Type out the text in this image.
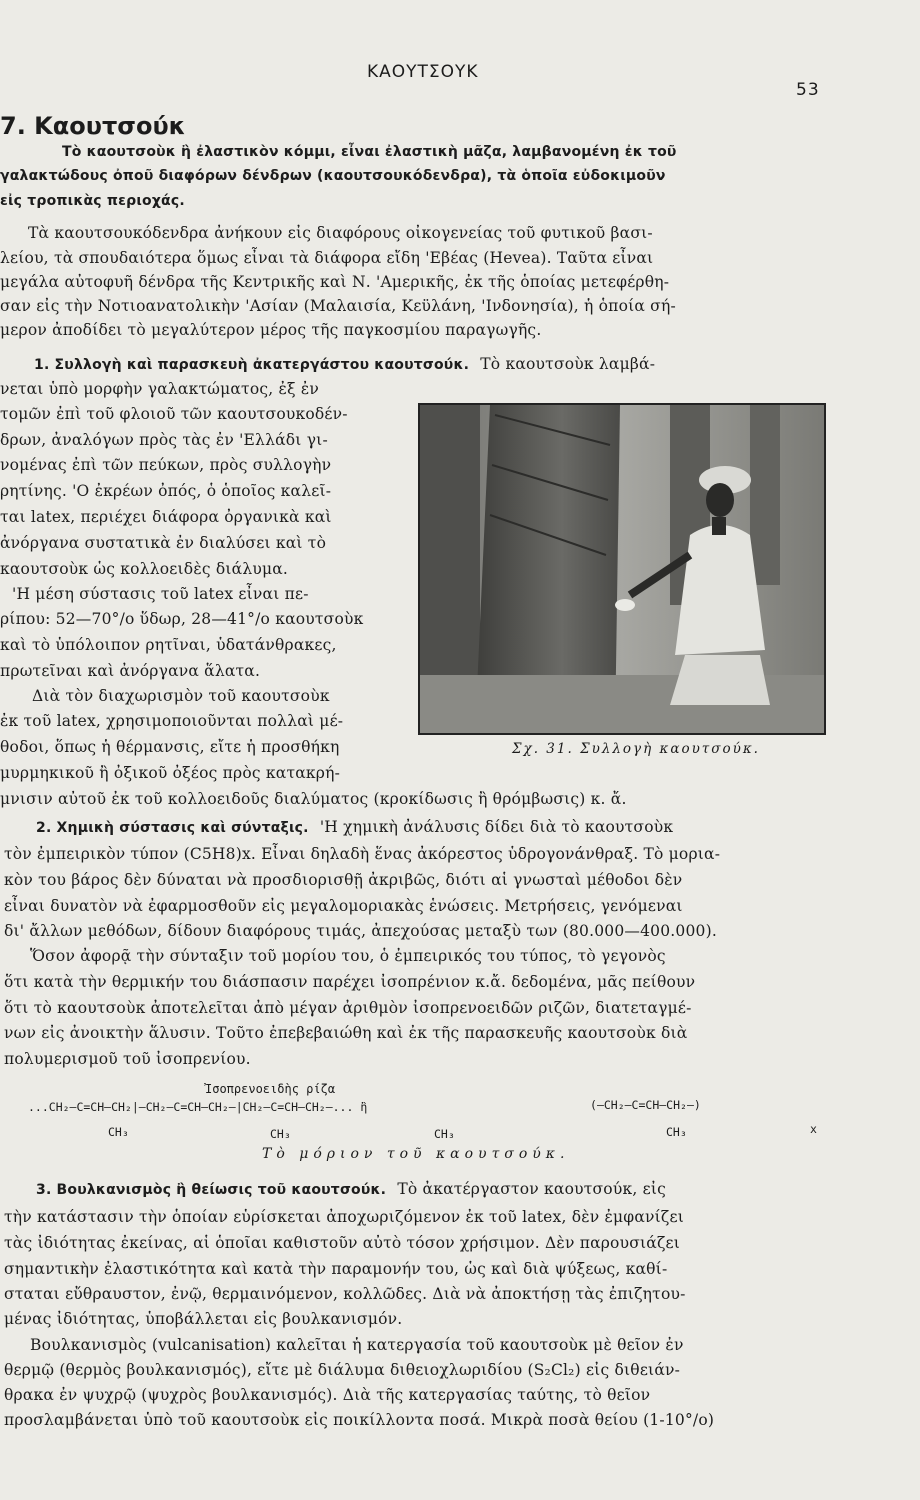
ΚΑΟΥΤΣΟΥΚ
53
7. Καουτσούκ
Τὸ καουτσοὺκ ἢ ἐλαστικὸν κόμμι, εἶναι ἐλαστικὴ μᾶζα, λαμβανομένη ἐκ τοῦ
γαλακτώδους ὀποῦ διαφόρων δένδρων (καουτσουκόδενδρα), τὰ ὁποῖα εὐδοκιμοῦν
εἰς τροπικὰς περιοχάς.
Τὰ καουτσουκόδενδρα ἀνήκουν εἰς διαφόρους οἰκογενείας τοῦ φυτικοῦ βασι-
λείου, τὰ σπουδαιότερα ὅμως εἶναι τὰ διάφορα εἴδη 'Εβέας (Hevea). Ταῦτα εἶναι
μεγάλα αὐτοφυῆ δένδρα τῆς Κεντρικῆς καὶ Ν. 'Αμερικῆς, ἐκ τῆς ὁποίας μετεφέρθη-
σαν εἰς τὴν Νοτιοανατολικὴν 'Ασίαν (Μαλαισία, Κεϋλάνη, 'Ινδονησία), ἡ ὁποία σή-
μερον ἀποδίδει τὸ μεγαλύτερον μέρος τῆς παγκοσμίου παραγωγῆς.
1. Συλλογὴ καὶ παρασκευὴ ἀκατεργάστου καουτσούκ. Τὸ καουτσοὺκ λαμβά-
νεται ὑπὸ μορφὴν γαλακτώματος, ἐξ ἐν
τομῶν ἐπὶ τοῦ φλοιοῦ τῶν καουτσουκοδέν-
δρων, ἀναλόγων πρὸς τὰς ἐν 'Ελλάδι γι-
νομένας ἐπὶ τῶν πεύκων, πρὸς συλλογὴν
ρητίνης. 'Ο ἐκρέων ὀπός, ὁ ὁποῖος καλεῖ-
ται latex, περιέχει διάφορα ὀργανικὰ καὶ
ἀνόργανα συστατικὰ ἐν διαλύσει καὶ τὸ
καουτσοὺκ ὡς κολλοειδὲς διάλυμα.
'Η μέση σύστασις τοῦ latex εἶναι πε-
ρίπου: 52—70°/ο ὕδωρ, 28—41°/ο καουτσοὺκ
καὶ τὸ ὑπόλοιπον ρητῖναι, ὑδατάνθρακες,
πρωτεῖναι καὶ ἀνόργανα ἅλατα.
Διὰ τὸν διαχωρισμὸν τοῦ καουτσοὺκ
ἐκ τοῦ latex, χρησιμοποιοῦνται πολλαὶ μέ-
θοδοι, ὅπως ἡ θέρμανσις, εἴτε ἡ προσθήκη
μυρμηκικοῦ ἢ ὀξικοῦ ὀξέος πρὸς κατακρή-
μνισιν αὐτοῦ ἐκ τοῦ κολλοειδοῦς διαλύματος (κροκίδωσις ἢ θρόμβωσις) κ. ἄ.
Σχ. 31. Συλλογὴ καουτσούκ.
2. Χημικὴ σύστασις καὶ σύνταξις. 'Η χημικὴ ἀνάλυσις δίδει διὰ τὸ καουτσοὺκ
τὸν ἐμπειρικὸν τύπον (C5H8)x. Εἶναι δηλαδὴ ἕνας ἀκόρεστος ὑδρογονάνθραξ. Τὸ μορια-
κὸν του βάρος δὲν δύναται νὰ προσδιορισθῇ ἀκριβῶς, διότι αἱ γνωσταὶ μέθοδοι δὲν
εἶναι δυνατὸν νὰ ἐφαρμοσθοῦν εἰς μεγαλομοριακὰς ἑνώσεις. Μετρήσεις, γενόμεναι
δι' ἄλλων μεθόδων, δίδουν διαφόρους τιμάς, ἀπεχούσας μεταξὺ των (80.000—400.000).
Ὅσον ἀφορᾷ τὴν σύνταξιν τοῦ μορίου του, ὁ ἐμπειρικός του τύπος, τὸ γεγονὸς
ὅτι κατὰ τὴν θερμικήν του διάσπασιν παρέχει ἰσοπρένιον κ.ἄ. δεδομένα, μᾶς πείθουν
ὅτι τὸ καουτσοὺκ ἀποτελεῖται ἀπὸ μέγαν ἀριθμὸν ἰσοπρενοειδῶν ριζῶν, διατεταγμέ-
νων εἰς ἀνοικτὴν ἅλυσιν. Τοῦτο ἐπεβεβαιώθη καὶ ἐκ τῆς παρασκευῆς καουτσοὺκ διὰ
πολυμερισμοῦ τοῦ ἰσοπρενίου.
Ἰσοπρενοειδὴς ρίζα
...CH₂—C=CH—CH₂|—CH₂—C=CH—CH₂—|CH₂—C=CH—CH₂—... ἢ	(—CH₂—C=CH—CH₂—)
CH₃	CH₃	CH₃	CH₃	x
Τὸ μόριον τοῦ καουτσούκ.
3. Βουλκανισμὸς ἢ θείωσις τοῦ καουτσούκ. Τὸ ἀκατέργαστον καουτσούκ, εἰς
τὴν κατάστασιν τὴν ὁποίαν εὑρίσκεται ἀποχωριζόμενον ἐκ τοῦ latex, δὲν ἐμφανίζει
τὰς ἰδιότητας ἐκείνας, αἱ ὁποῖαι καθιστοῦν αὐτὸ τόσον χρήσιμον. Δὲν παρουσιάζει
σημαντικὴν ἐλαστικότητα καὶ κατὰ τὴν παραμονήν του, ὡς καὶ διὰ ψύξεως, καθί-
σταται εὔθραυστον, ἐνῷ, θερμαινόμενον, κολλῶδες. Διὰ νὰ ἀποκτήσῃ τὰς ἐπιζητου-
μένας ἰδιότητας, ὑποβάλλεται εἰς βουλκανισμόν.
Βουλκανισμὸς (vulcanisation) καλεῖται ἡ κατεργασία τοῦ καουτσοὺκ μὲ θεῖον ἐν
θερμῷ (θερμὸς βουλκανισμός), εἴτε μὲ διάλυμα διθειοχλωριδίου (S₂Cl₂) εἰς διθειάν-
θρακα ἐν ψυχρῷ (ψυχρὸς βουλκανισμός). Διὰ τῆς κατεργασίας ταύτης, τὸ θεῖον
προσλαμβάνεται ὑπὸ τοῦ καουτσοὺκ εἰς ποικίλλοντα ποσά. Μικρὰ ποσὰ θείου (1-10°/ο)
